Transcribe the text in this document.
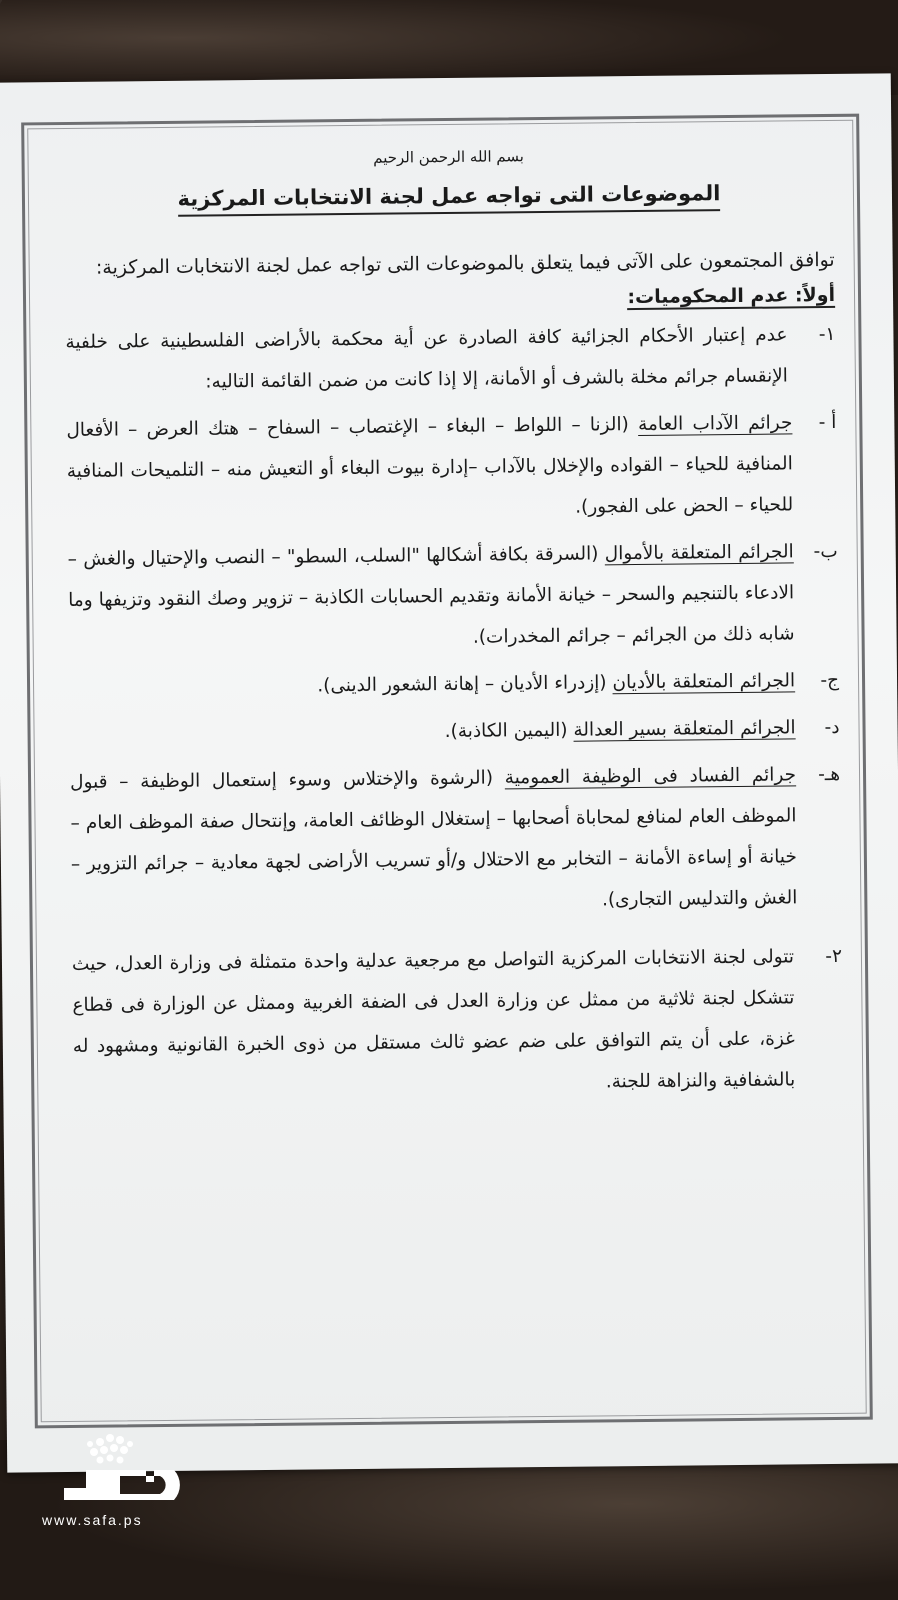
بسم الله الرحمن الرحيم
الموضوعات التى تواجه عمل لجنة الانتخابات المركزية
توافق المجتمعون على الآتى فيما يتعلق بالموضوعات التى تواجه عمل لجنة الانتخابات المركزية:
أولاً: عدم المحكوميات:
١-
عدم إعتبار الأحكام الجزائية كافة الصادرة عن أية محكمة بالأراضى الفلسطينية على خلفية الإنقسام جرائم مخلة بالشرف أو الأمانة، إلا إذا كانت من ضمن القائمة التاليه:
أ -
جرائم الآداب العامة (الزنا – اللواط – البغاء – الإغتصاب – السفاح – هتك العرض – الأفعال المنافية للحياء – القواده والإخلال بالآداب –إدارة بيوت البغاء أو التعيش منه – التلميحات المنافية للحياء – الحض على الفجور).
ب-
الجرائم المتعلقة بالأموال (السرقة بكافة أشكالها "السلب، السطو" – النصب والإحتيال والغش – الادعاء بالتنجيم والسحر – خيانة الأمانة وتقديم الحسابات الكاذبة – تزوير وصك النقود وتزيفها وما شابه ذلك من الجرائم – جرائم المخدرات).
ج-
الجرائم المتعلقة بالأديان (إزدراء الأديان – إهانة الشعور الدينى).
د-
الجرائم المتعلقة بسير العدالة (اليمين الكاذبة).
هـ-
جرائم الفساد فى الوظيفة العمومية (الرشوة والإختلاس وسوء إستعمال الوظيفة – قبول الموظف العام لمنافع لمحاباة أصحابها – إستغلال الوظائف العامة، وإنتحال صفة الموظف العام – خيانة أو إساءة الأمانة – التخابر مع الاحتلال و/أو تسريب الأراضى لجهة معادية – جرائم التزوير – الغش والتدليس التجارى).
٢-
تتولى لجنة الانتخابات المركزية التواصل مع مرجعية عدلية واحدة متمثلة فى وزارة العدل، حيث تتشكل لجنة ثلاثية من ممثل عن وزارة العدل فى الضفة الغربية وممثل عن الوزارة فى قطاع غزة، على أن يتم التوافق على ضم عضو ثالث مستقل من ذوى الخبرة القانونية ومشهود له بالشفافية والنزاهة للجنة.
www.safa.ps
